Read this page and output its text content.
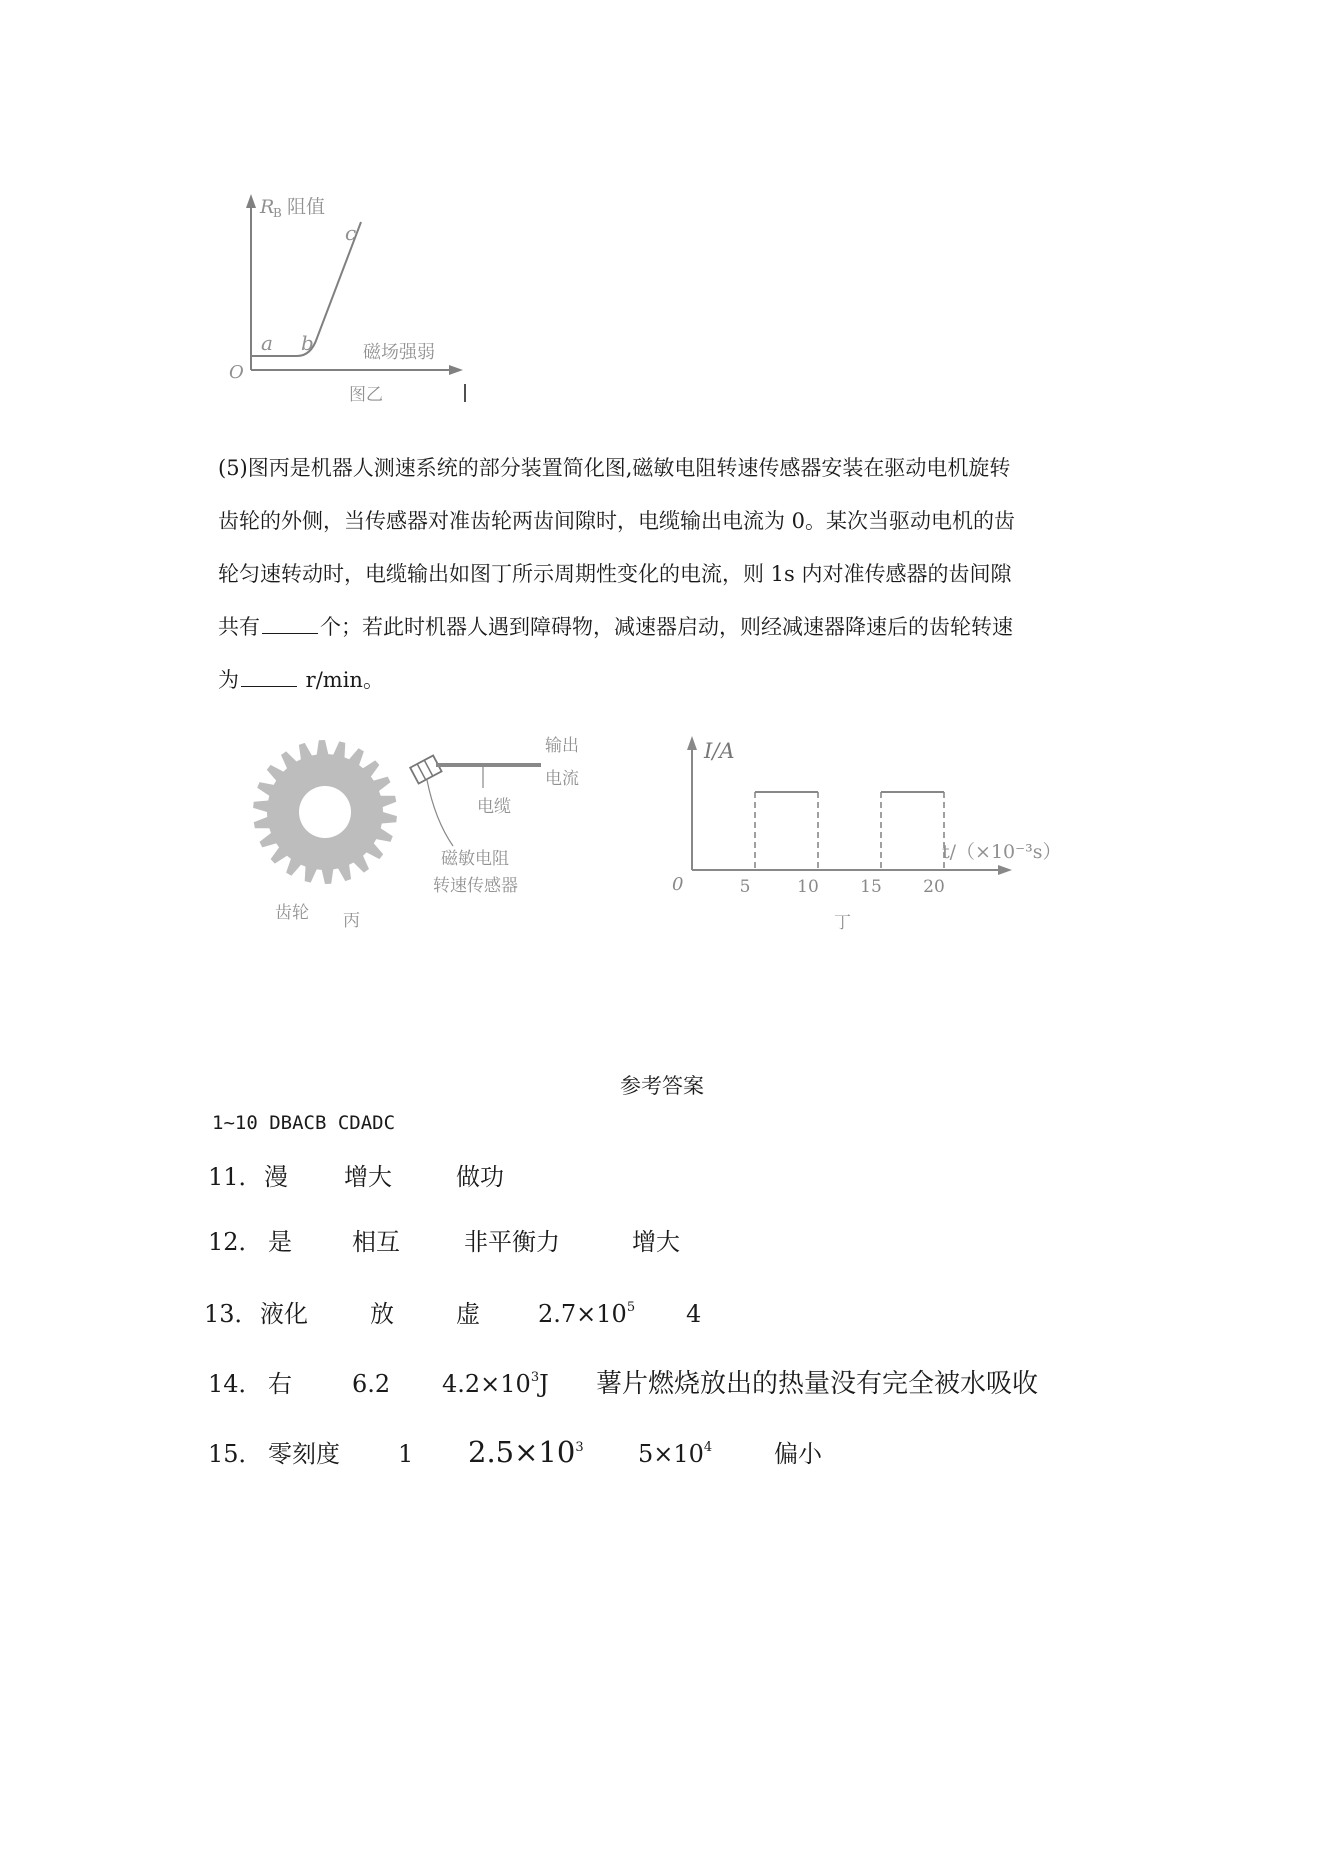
R
B 阻值
c
a b	磁场强弱
O
图乙

(5)图丙是机器人测速系统的部分装置简化图,磁敏电阻转速传感器安装在驱动电机旋转

齿轮的外侧，当传感器对准齿轮两齿间隙时，电缆输出电流为 0。某次当驱动电机的齿

轮匀速转动时，电缆输出如图丁所示周期性变化的电流，则 1s 内对准传感器的齿间隙

共有	个；若此时机器人遇到障碍物，减速器启动，则经减速器降速后的齿轮转速

为	r/min。

输出
电流
电缆
磁敏电阻
转速传感器
齿轮 丙
I/A
t/（×10⁻³s）
0	5	10 15 20
丁
参考答案
1~10 DBACB CDADC
11．漫 增大	做功
12． 是	相互	非平衡力	增大
13．液化	放	虚 $2.7\times 10^5$ 4
14． 右	6.2 $4.2\times 10^3J$ 薯片燃烧放出的热量没有完全被水吸收
15． 零刻度 1 $2.5\times 10^3$ $5\times 10^4$	偏小
